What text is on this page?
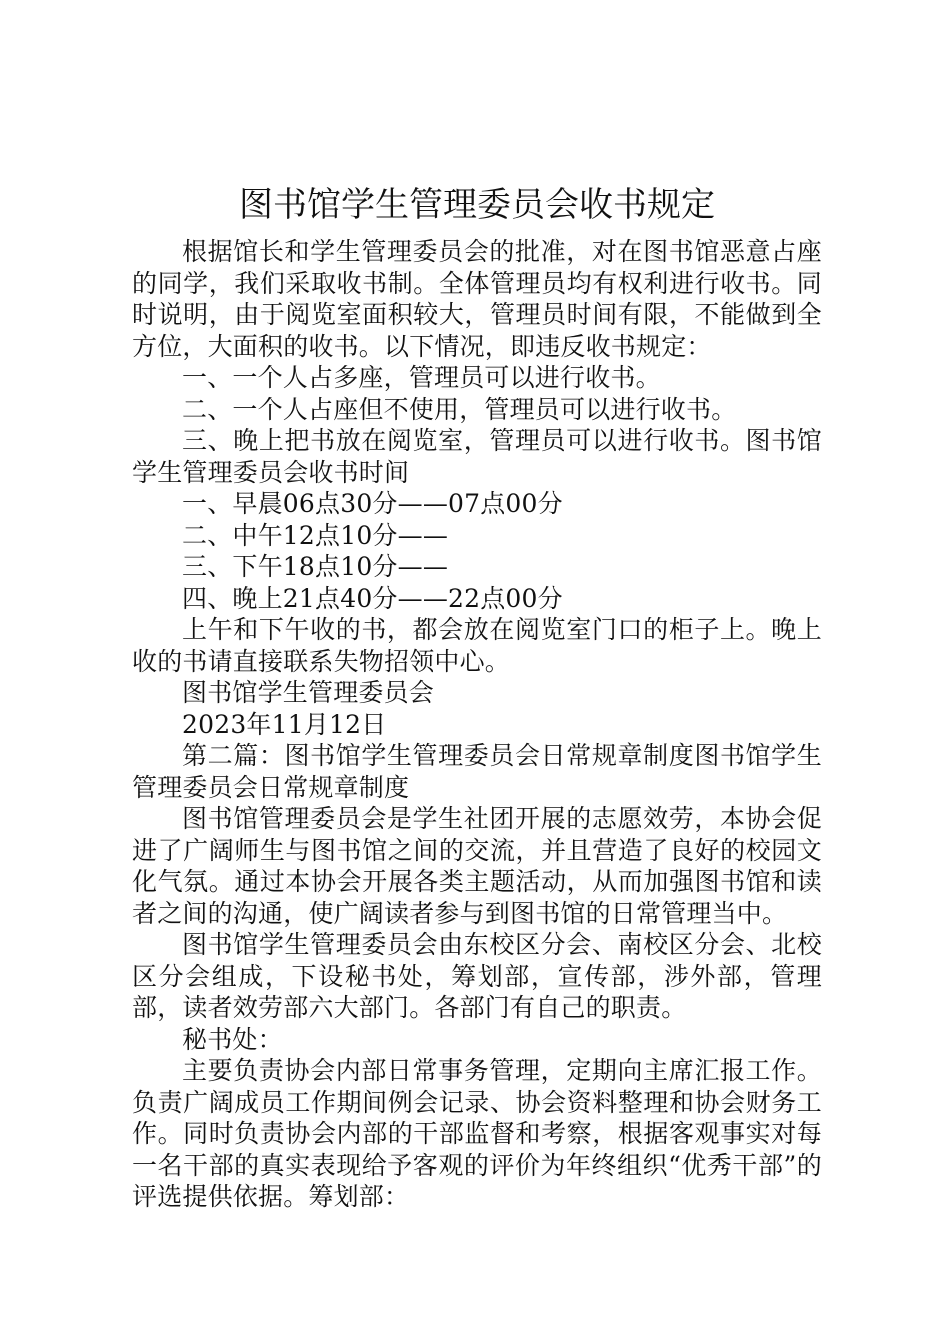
图书馆学生管理委员会收书规定

根据馆长和学生管理委员会的批准，对在图书馆恶意占座的同学，我们采取收书制。全体管理员均有权利进行收书。同时说明，由于阅览室面积较大，管理员时间有限，不能做到全方位，大面积的收书。以下情况，即违反收书规定：

一、一个人占多座，管理员可以进行收书。

二、一个人占座但不使用，管理员可以进行收书。

三、晚上把书放在阅览室，管理员可以进行收书。图书馆学生管理委员会收书时间

一、早晨06点30分——07点00分

二、中午12点10分——

三、下午18点10分——

四、晚上21点40分——22点00分

上午和下午收的书，都会放在阅览室门口的柜子上。晚上收的书请直接联系失物招领中心。

图书馆学生管理委员会

2023年11月12日

第二篇：图书馆学生管理委员会日常规章制度图书馆学生管理委员会日常规章制度

图书馆管理委员会是学生社团开展的志愿效劳，本协会促进了广阔师生与图书馆之间的交流，并且营造了良好的校园文化气氛。通过本协会开展各类主题活动，从而加强图书馆和读者之间的沟通，使广阔读者参与到图书馆的日常管理当中。

图书馆学生管理委员会由东校区分会、南校区分会、北校区分会组成，下设秘书处，筹划部，宣传部，涉外部，管理部，读者效劳部六大部门。各部门有自己的职责。

秘书处：

主要负责协会内部日常事务管理，定期向主席汇报工作。负责广阔成员工作期间例会记录、协会资料整理和协会财务工作。同时负责协会内部的干部监督和考察，根据客观事实对每一名干部的真实表现给予客观的评价为年终组织“优秀干部”的评选提供依据。筹划部：
